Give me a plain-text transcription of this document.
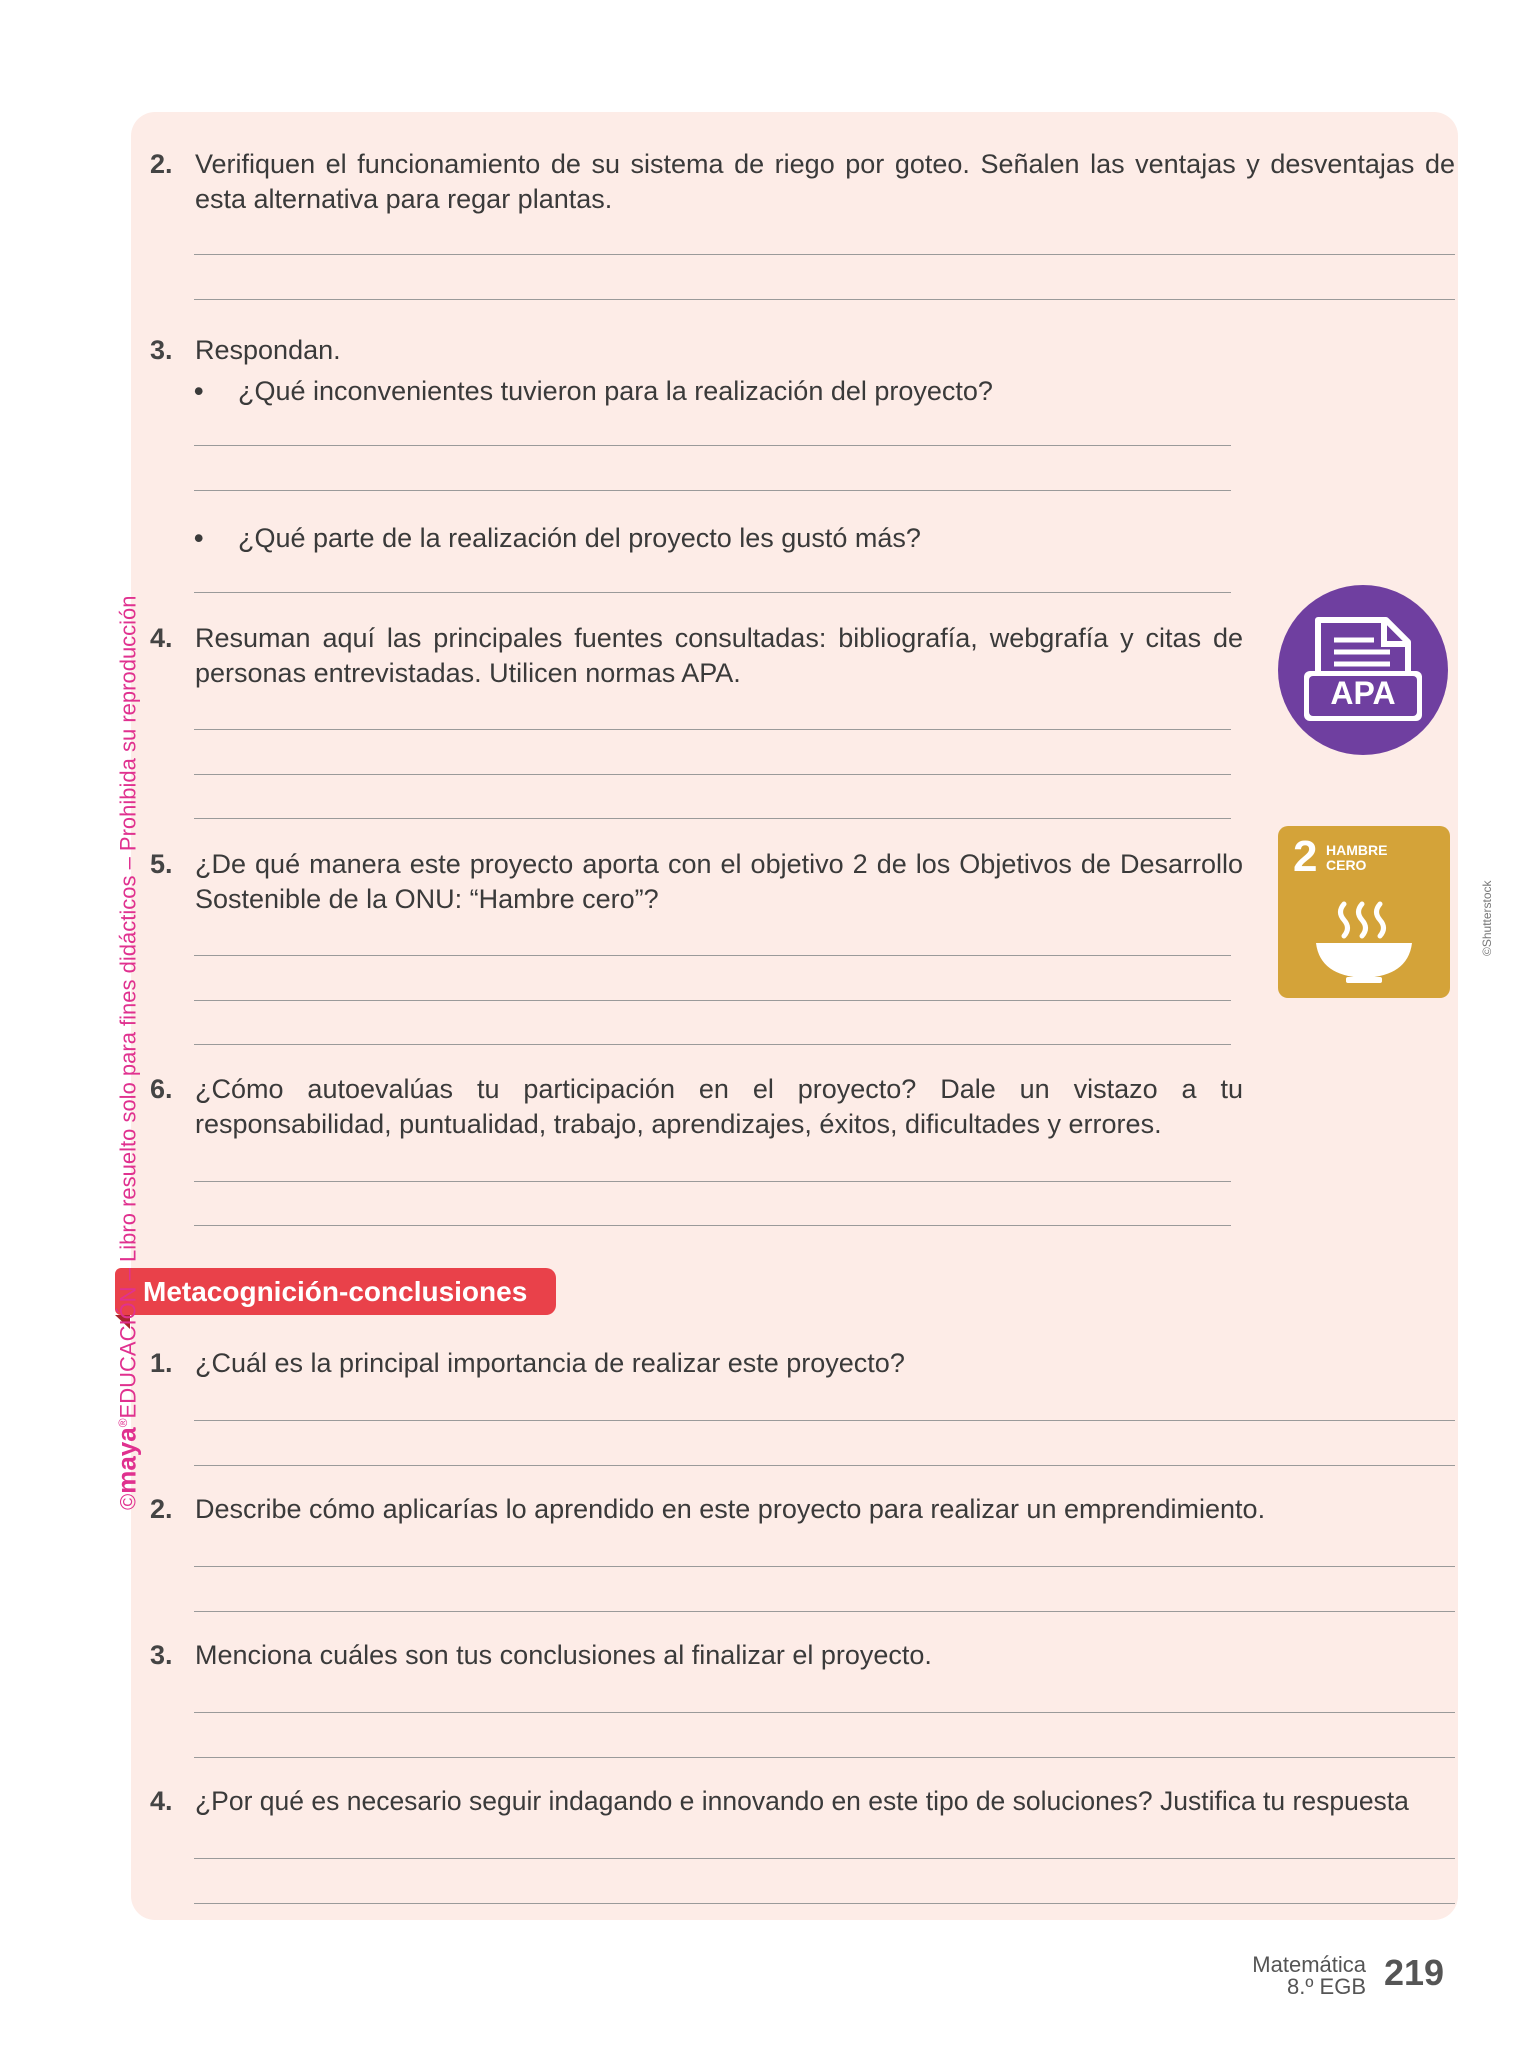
2. Verifiquen el funcionamiento de su sistema de riego por goteo. Señalen las ventajas y desventajas de esta alternativa para regar plantas.
3. Respondan.
• ¿Qué inconvenientes tuvieron para la realización del proyecto?
• ¿Qué parte de la realización del proyecto les gustó más?
4. Resuman aquí las principales fuentes consultadas: bibliografía, webgrafía y citas de personas entrevistadas. Utilicen normas APA.
APA
5. ¿De qué manera este proyecto aporta con el objetivo 2 de los Objetivos de Desarrollo Sostenible de la ONU: “Hambre cero”?
2 HAMBRE
CERO
©Shutterstock
6. ¿Cómo autoevalúas tu participación en el proyecto? Dale un vistazo a tu responsabilidad, puntualidad, trabajo, aprendizajes, éxitos, dificultades y errores.
Metacognición-conclusiones
1. ¿Cuál es la principal importancia de realizar este proyecto?
2. Describe cómo aplicarías lo aprendido en este proyecto para realizar un emprendimiento.
3. Menciona cuáles son tus conclusiones al finalizar el proyecto.
4. ¿Por qué es necesario seguir indagando e innovando en este tipo de soluciones? Justifica tu respuesta
©maya®EDUCACIÓN – Libro resuelto solo para fines didácticos – Prohibida su reproducción
Matemática
8.º EGB 219
